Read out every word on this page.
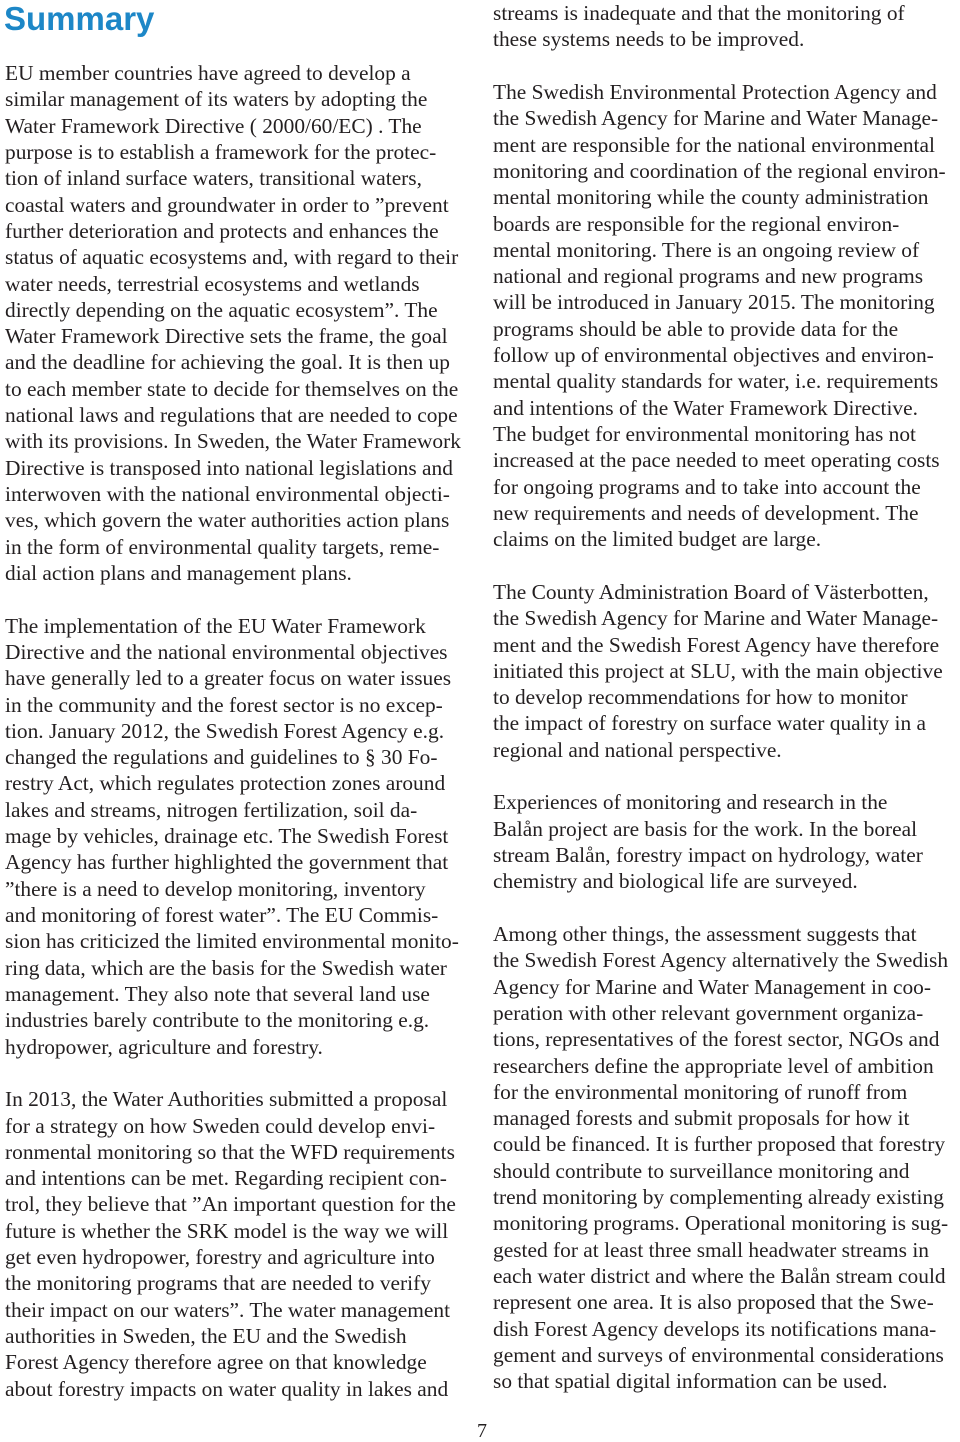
Summary
EU member countries have agreed to develop a
similar management of its waters by adopting the
Water Framework Directive ( 2000/60/EC) . The
purpose is to establish a framework for the protec-
tion of inland surface waters, transitional waters,
coastal waters and groundwater in order to ”prevent
further deterioration and protects and enhances the
status of aquatic ecosystems and, with regard to their
water needs, terrestrial ecosystems and wetlands
directly depending on the aquatic ecosystem”. The
Water Framework Directive sets the frame, the goal
and the deadline for achieving the goal. It is then up
to each member state to decide for themselves on the
national laws and regulations that are needed to cope
with its provisions. In Sweden, the Water Framework
Directive is transposed into national legislations and
interwoven with the national environmental objecti-
ves, which govern the water authorities action plans
in the form of environmental quality targets, reme-
dial action plans and management plans.
The implementation of the EU Water Framework
Directive and the national environmental objectives
have generally led to a greater focus on water issues
in the community and the forest sector is no excep-
tion. January 2012, the Swedish Forest Agency e.g.
changed the regulations and guidelines to § 30 Fo-
restry Act, which regulates protection zones around
lakes and streams, nitrogen fertilization, soil da-
mage by vehicles, drainage etc. The Swedish Forest
Agency has further highlighted the government that
”there is a need to develop monitoring, inventory
and monitoring of forest water”. The EU Commis-
sion has criticized the limited environmental monito-
ring data, which are the basis for the Swedish water
management. They also note that several land use
industries barely contribute to the monitoring e.g.
hydropower, agriculture and forestry.
In 2013, the Water Authorities submitted a proposal
for a strategy on how Sweden could develop envi-
ronmental monitoring so that the WFD requirements
and intentions can be met. Regarding recipient con-
trol, they believe that ”An important question for the
future is whether the SRK model is the way we will
get even hydropower, forestry and agriculture into
the monitoring programs that are needed to verify
their impact on our waters”. The water management
authorities in Sweden, the EU and the Swedish
Forest Agency therefore agree on that knowledge
about forestry impacts on water quality in lakes and
streams is inadequate and that the monitoring of
these systems needs to be improved.
The Swedish Environmental Protection Agency and
the Swedish Agency for Marine and Water Manage-
ment are responsible for the national environmental
monitoring and coordination of the regional environ-
mental monitoring while the county administration
boards are responsible for the regional environ-
mental monitoring. There is an ongoing review of
national and regional programs and new programs
will be introduced in January 2015. The monitoring
programs should be able to provide data for the
follow up of environmental objectives and environ-
mental quality standards for water, i.e. requirements
and intentions of the Water Framework Directive.
The budget for environmental monitoring has not
increased at the pace needed to meet operating costs
for ongoing programs and to take into account the
new requirements and needs of development. The
claims on the limited budget are large.
The County Administration Board of Västerbotten,
the Swedish Agency for Marine and Water Manage-
ment and the Swedish Forest Agency have therefore
initiated this project at SLU, with the main objective
to develop recommendations for how to monitor
the impact of forestry on surface water quality in a
regional and national perspective.
Experiences of monitoring and research in the
Balån project are basis for the work. In the boreal
stream Balån, forestry impact on hydrology, water
chemistry and biological life are surveyed.
Among other things, the assessment suggests that
the Swedish Forest Agency alternatively the Swedish
Agency for Marine and Water Management in coo-
peration with other relevant government organiza-
tions, representatives of the forest sector, NGOs and
researchers define the appropriate level of ambition
for the environmental monitoring of runoff from
managed forests and submit proposals for how it
could be financed. It is further proposed that forestry
should contribute to surveillance monitoring and
trend monitoring by complementing already existing
monitoring programs. Operational monitoring is sug-
gested for at least three small headwater streams in
each water district and where the Balån stream could
represent one area. It is also proposed that the Swe-
dish Forest Agency develops its notifications mana-
gement and surveys of environmental considerations
so that spatial digital information can be used.
7
